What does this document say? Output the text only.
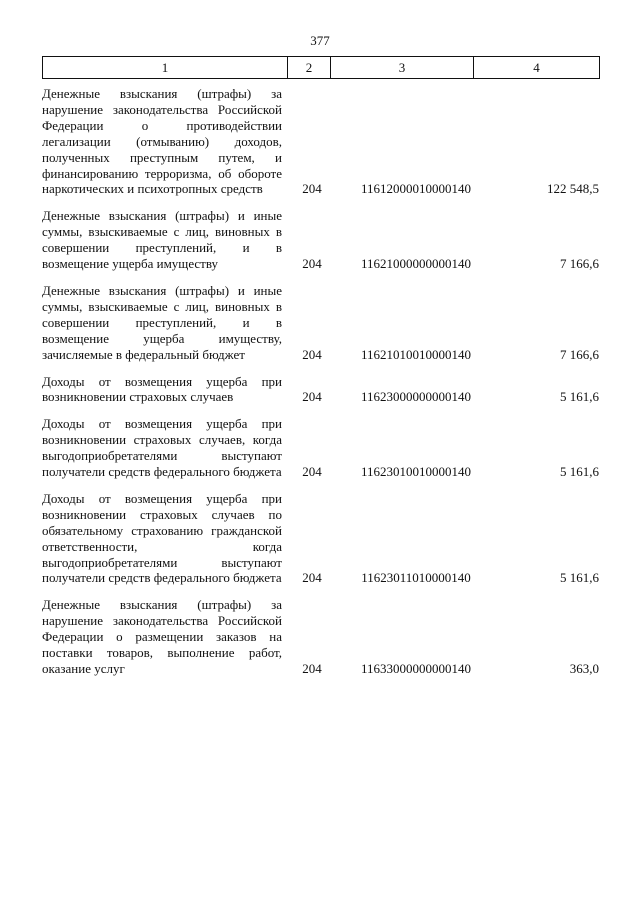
377
1	2	3	4
Денежные взыскания (штрафы) за нарушение законодательства Российской Федерации о противодействии легализации (отмыванию) доходов, полученных преступным путем, и финансированию терроризма, об обороте наркотических и психотропных средств	204	11612000010000140	122 548,5
Денежные взыскания (штрафы) и иные суммы, взыскиваемые с лиц, виновных в совершении преступлений, и в возмещение ущерба имуществу	204	11621000000000140	7 166,6
Денежные взыскания (штрафы) и иные суммы, взыскиваемые с лиц, виновных в совершении преступлений, и в возмещение ущерба имуществу, зачисляемые в федеральный бюджет	204	11621010010000140	7 166,6
Доходы от возмещения ущерба при возникновении страховых случаев	204	11623000000000140	5 161,6
Доходы от возмещения ущерба при возникновении страховых случаев, когда выгодоприобретателями выступают получатели средств федерального бюджета	204	11623010010000140	5 161,6
Доходы от возмещения ущерба при возникновении страховых случаев по обязательному страхованию гражданской ответственности, когда выгодоприобретателями выступают получатели средств федерального бюджета	204	11623011010000140	5 161,6
Денежные взыскания (штрафы) за нарушение законодательства Российской Федерации о размещении заказов на поставки товаров, выполнение работ, оказание услуг	204	11633000000000140	363,0
